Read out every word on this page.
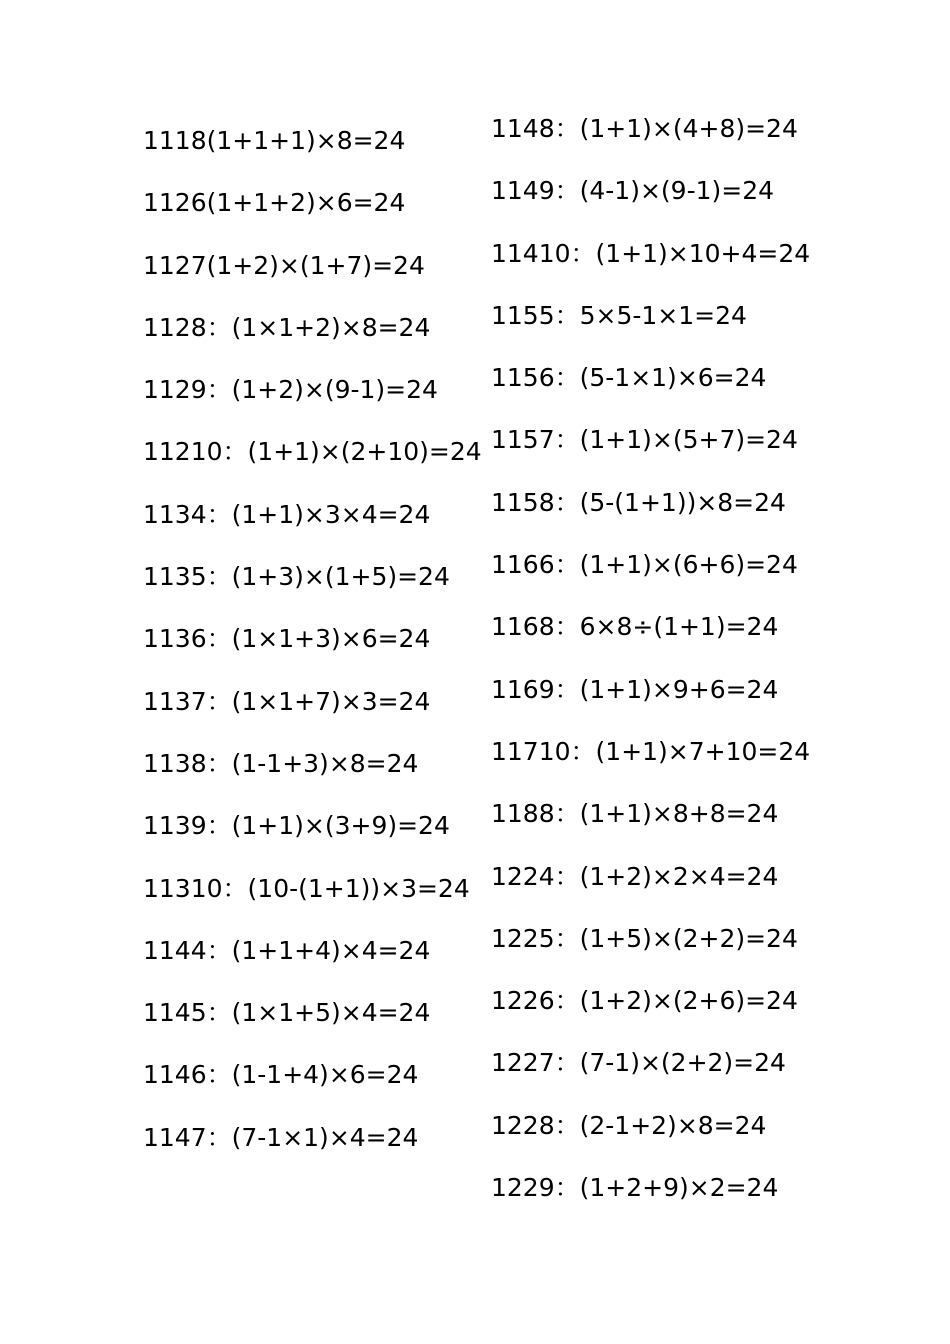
1118(1+1+1)×8=24
1126(1+1+2)×6=24
1127(1+2)×(1+7)=24
1128：(1×1+2)×8=24
1129：(1+2)×(9-1)=24
11210：(1+1)×(2+10)=24
1134：(1+1)×3×4=24
1135：(1+3)×(1+5)=24
1136：(1×1+3)×6=24
1137：(1×1+7)×3=24
1138：(1-1+3)×8=24
1139：(1+1)×(3+9)=24
11310：(10-(1+1))×3=24
1144：(1+1+4)×4=24
1145：(1×1+5)×4=24
1146：(1-1+4)×6=24
1147：(7-1×1)×4=24
1148：(1+1)×(4+8)=24
1149：(4-1)×(9-1)=24
11410：(1+1)×10+4=24
1155：5×5-1×1=24
1156：(5-1×1)×6=24
1157：(1+1)×(5+7)=24
1158：(5-(1+1))×8=24
1166：(1+1)×(6+6)=24
1168：6×8÷(1+1)=24
1169：(1+1)×9+6=24
11710：(1+1)×7+10=24
1188：(1+1)×8+8=24
1224：(1+2)×2×4=24
1225：(1+5)×(2+2)=24
1226：(1+2)×(2+6)=24
1227：(7-1)×(2+2)=24
1228：(2-1+2)×8=24
1229：(1+2+9)×2=24
